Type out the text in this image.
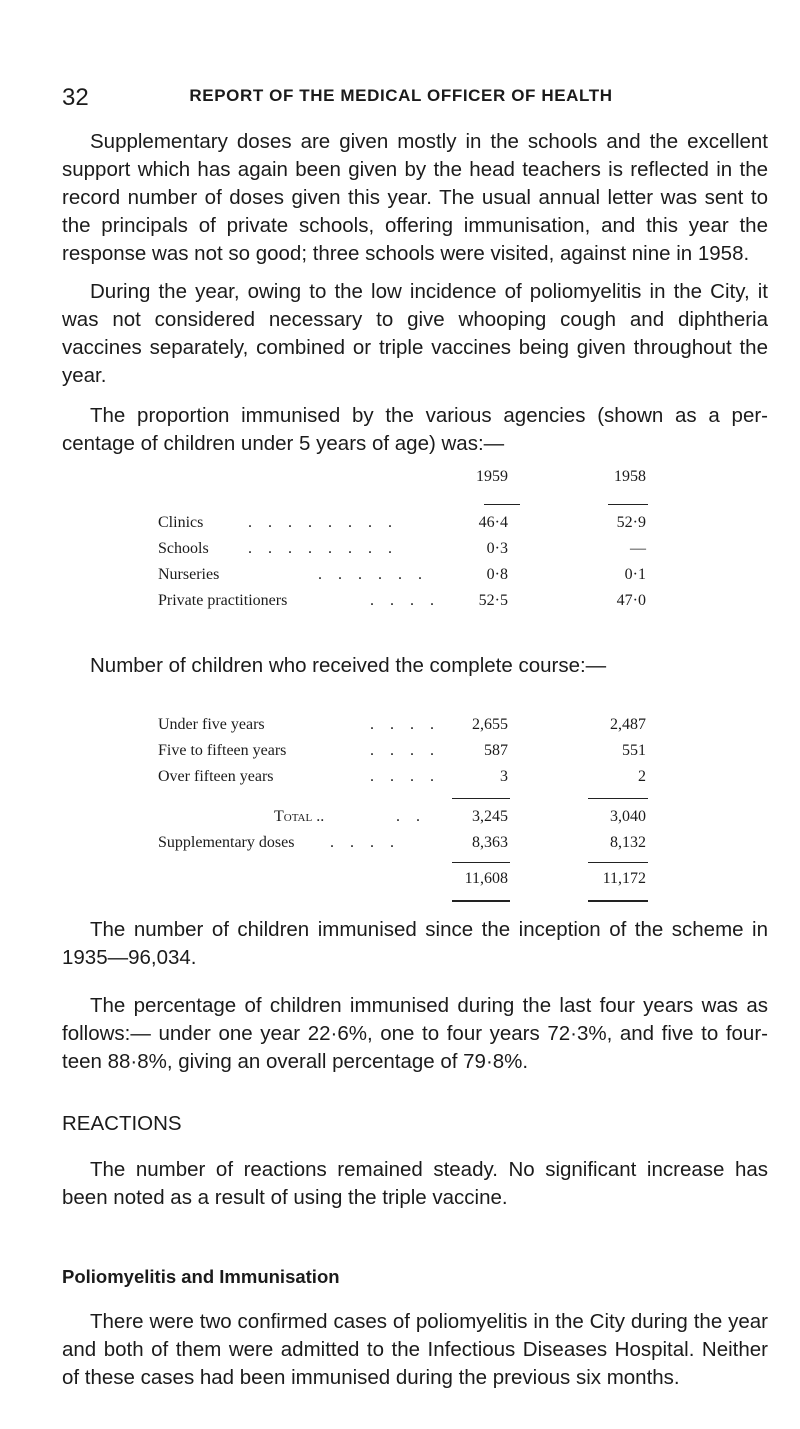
32	REPORT OF THE MEDICAL OFFICER OF HEALTH

Supplementary doses are given mostly in the schools and the excellent support which has again been given by the head teachers is reflected in the record number of doses given this year. The usual annual letter was sent to the principals of private schools, offering immunisation, and this year the response was not so good; three schools were visited, against nine in 1958.

During the year, owing to the low incidence of poliomyelitis in the City, it was not considered necessary to give whooping cough and diphtheria vaccines separately, combined or triple vaccines being given throughout the year.

The proportion immunised by the various agencies (shown as a per- centage of children under 5 years of age) was:—

1959	1958
Clinics	. . . . . . . .	46·4	52·9
Schools . . . . . . . .	0·3	—
Nurseries	. . . . . .	0·8	0·1
Private practitioners	. . . .	52·5	47·0

Number of children who received the complete course:—

Under five years	. . . .	2,655	2,487
Five to fifteen years	. . . .	587	551
Over fifteen years	. . . .	3	2
Total ..	. .	3,245	3,040
Supplementary doses . . . .	8,363	8,132
11,608	11,172

The number of children immunised since the inception of the scheme in 1935—96,034.

The percentage of children immunised during the last four years was as follows:— under one year 22·6%, one to four years 72·3%, and five to four- teen 88·8%, giving an overall percentage of 79·8%.

REACTIONS

The number of reactions remained steady. No significant increase has been noted as a result of using the triple vaccine.

Poliomyelitis and Immunisation

There were two confirmed cases of poliomyelitis in the City during the year and both of them were admitted to the Infectious Diseases Hospital. Neither of these cases had been immunised during the previous six months.
